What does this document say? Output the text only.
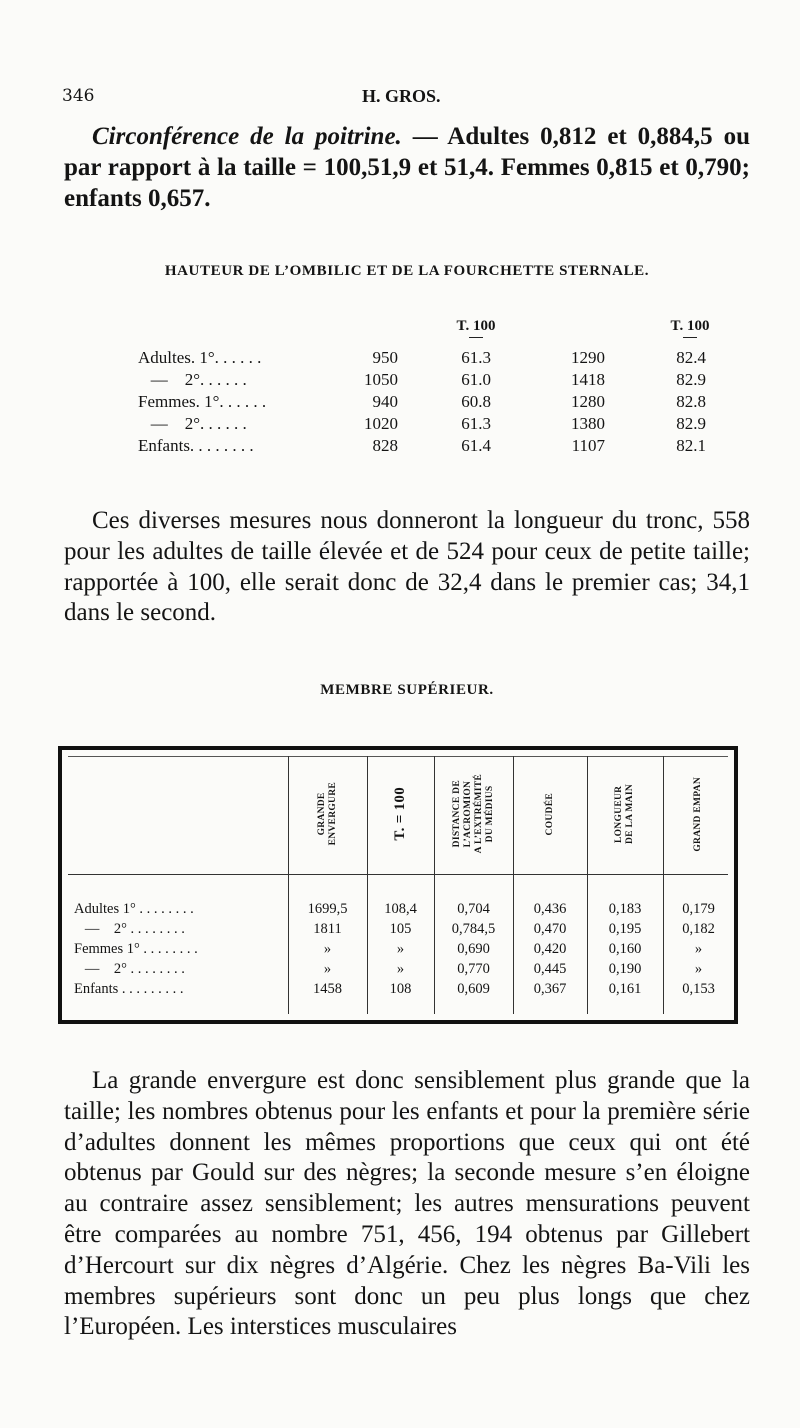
346	H. GROS.

Circonférence de la poitrine. — Adultes 0,812 et 0,884,5 ou par rapport à la taille = 100,51,9 et 51,4. Femmes 0,815 et 0,790; enfants 0,657.

HAUTEUR DE L’OMBILIC ET DE LA FOURCHETTE STERNALE.
T. 100	T. 100
Adultes. 1°. . . . . .	950	61.3	1290	82.4
—    2°. . . . . .	1050	61.0	1418	82.9
Femmes. 1°. . . . . .	940	60.8	1280	82.8
—    2°. . . . . .	1020	61.3	1380	82.9
Enfants. . . . . . . .	828	61.4	1107	82.1

Ces diverses mesures nous donneront la longueur du tronc, 558 pour les adultes de taille élevée et de 524 pour ceux de petite taille; rapportée à 100, elle serait donc de 32,4 dans le premier cas; 34,1 dans le second.

MEMBRE SUPÉRIEUR.
GRANDE
ENVERGURE	T. = 100	DISTANCE DE
L’ACROMION
A L’EXTRÉMITÉ
DU MÉDIUS	COUDÉE	LONGUEUR
DE LA MAIN	GRAND EMPAN
Adultes 1° . . . . . . . .	1699,5	108,4	0,704	0,436	0,183	0,179
—    2° . . . . . . . .	1811	105	0,784,5	0,470	0,195	0,182
Femmes 1° . . . . . . . .	»	»	0,690	0,420	0,160	»
—    2° . . . . . . . .	»	»	0,770	0,445	0,190	»
Enfants . . . . . . . . .	1458	108	0,609	0,367	0,161	0,153

La grande envergure est donc sensiblement plus grande que la taille; les nombres obtenus pour les enfants et pour la première série d’adultes donnent les mêmes proportions que ceux qui ont été obtenus par Gould sur des nègres; la seconde mesure s’en éloigne au contraire assez sensiblement; les autres mensurations peuvent être comparées au nombre 751, 456, 194 obtenus par Gillebert d’Hercourt sur dix nègres d’Algérie. Chez les nègres Ba-Vili les membres supérieurs sont donc un peu plus longs que chez l’Européen. Les interstices musculaires
